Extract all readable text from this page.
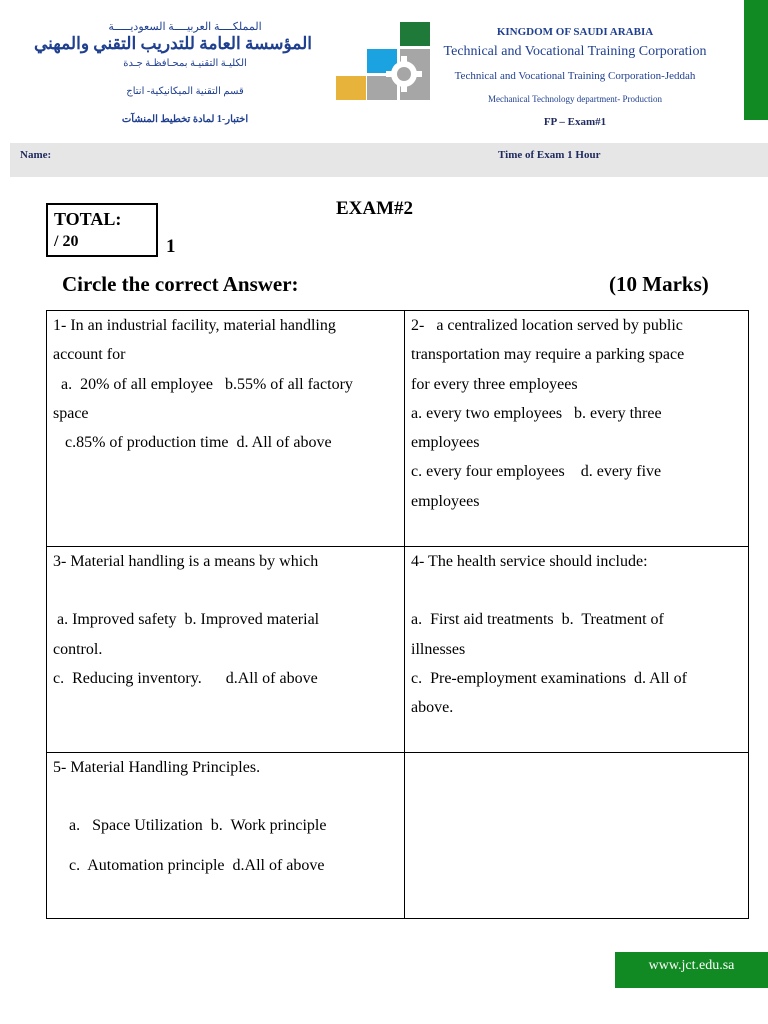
المملكــــة العربيــــة السعوديـــــة
المؤسسة العامة للتدريب التقني والمهني
الكليـة التقنيـة بمحـافظـة جـدة
قسم التقنية الميكانيكية- انتاج
اختبار-1 لمادة تخطيط المنشآت
KINGDOM OF SAUDI ARABIA
Technical and Vocational Training Corporation
Technical and Vocational Training Corporation-Jeddah
Mechanical Technology department- Production
FP – Exam#1
Name:	Time of Exam 1 Hour
EXAM#2
TOTAL:
/ 20	1
Circle the correct Answer:	(10 Marks)
1- In an industrial facility, material handling
account for
a.  20% of all employee   b.55% of all factory
space
c.85% of production time  d. All of above
2-   a centralized location served by public
transportation may require a parking space
for every three employees
a. every two employees   b. every three
employees
c. every four employees    d. every five
employees
3- Material handling is a means by which
a. Improved safety  b. Improved material
control.
c.  Reducing inventory.      d.All of above
4- The health service should include:
a.  First aid treatments  b.  Treatment of
illnesses
c.  Pre-employment examinations  d. All of
above.
5- Material Handling Principles.
a.   Space Utilization  b.  Work principle
c.  Automation principle  d.All of above
www.jct.edu.sa
